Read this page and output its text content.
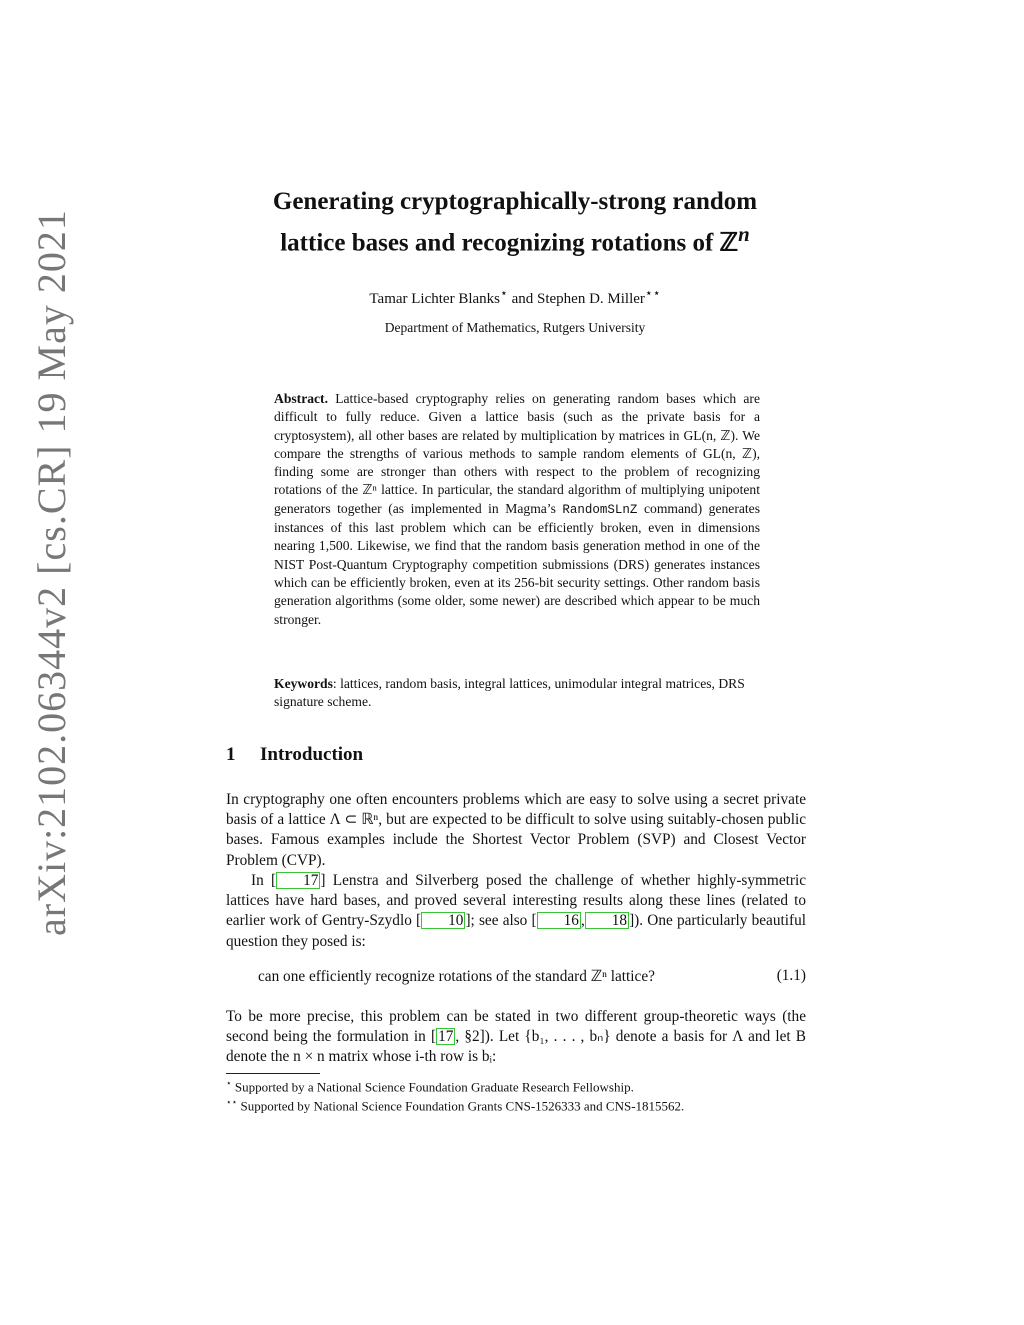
arXiv:2102.06344v2 [cs.CR] 19 May 2021
Generating cryptographically-strong random
lattice bases and recognizing rotations of ℤ$^n$
Tamar Lichter Blanks⋆ and Stephen D. Miller⋆⋆
Department of Mathematics, Rutgers University
Abstract. Lattice-based cryptography relies on generating random bases which are difficult to fully reduce. Given a lattice basis (such as the private basis for a cryptosystem), all other bases are related by multiplication by matrices in GL(n, ℤ). We compare the strengths of various methods to sample random elements of GL(n, ℤ), finding some are stronger than others with respect to the problem of recognizing rotations of the ℤⁿ lattice. In particular, the standard algorithm of multiplying unipotent generators together (as implemented in Magma’s RandomSLnZ command) generates instances of this last problem which can be efficiently broken, even in dimensions nearing 1,500. Likewise, we find that the random basis generation method in one of the NIST Post-Quantum Cryptography competition submissions (DRS) generates instances which can be efficiently broken, even at its 256-bit security settings. Other random basis generation algorithms (some older, some newer) are described which appear to be much stronger.
Keywords: lattices, random basis, integral lattices, unimodular integral matrices, DRS signature scheme.
1 Introduction
In cryptography one often encounters problems which are easy to solve using a secret private basis of a lattice Λ ⊂ ℝⁿ, but are expected to be difficult to solve using suitably-chosen public bases. Famous examples include the Shortest Vector Problem (SVP) and Closest Vector Problem (CVP).
In [ 17 ] Lenstra and Silverberg posed the challenge of whether highly-symmetric lattices have hard bases, and proved several interesting results along these lines (related to earlier work of Gentry-Szydlo [ 10 ]; see also [ 16 , 18 ]). One particularly beautiful question they posed is:
can one efficiently recognize rotations of the standard ℤⁿ lattice?	(1.1)
To be more precise, this problem can be stated in two different group-theoretic ways (the second being the formulation in [ 17 , §2]). Let {b₁, . . . , bₙ} denote a basis for Λ and let B denote the n × n matrix whose i-th row is bᵢ:
⋆ Supported by a National Science Foundation Graduate Research Fellowship.
⋆⋆ Supported by National Science Foundation Grants CNS-1526333 and CNS-1815562.
